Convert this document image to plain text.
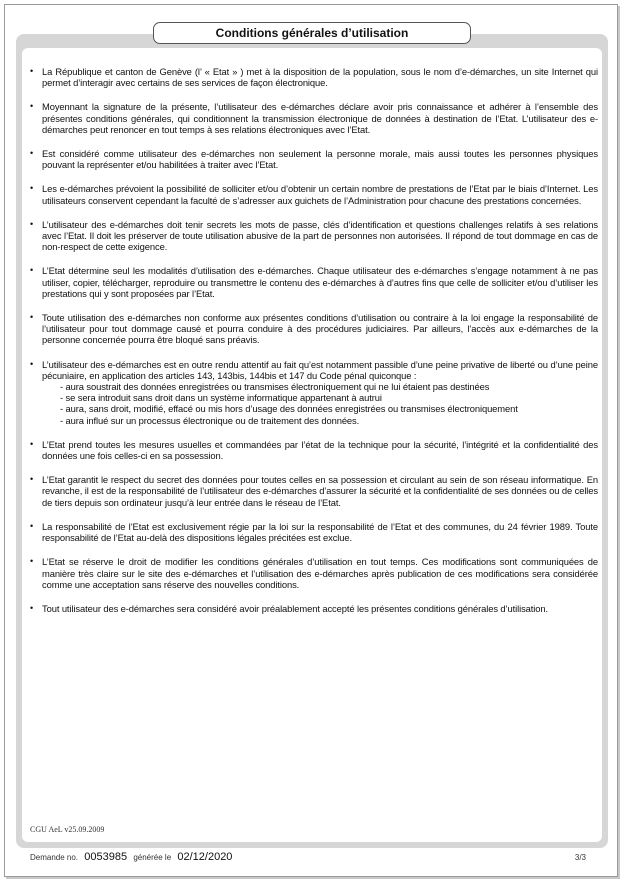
Conditions générales d’utilisation
• La République et canton de Genève (l’ « Etat » ) met à la disposition de la population, sous le nom d’e-démarches, un site Internet qui permet d’interagir avec certains de ses services de façon électronique.
• Moyennant la signature de la présente, l’utilisateur des e-démarches déclare avoir pris connaissance et adhérer à l’ensemble des présentes conditions générales, qui conditionnent la transmission électronique de données à destination de l’Etat. L’utilisateur des e-démarches peut renoncer en tout temps à ses relations électroniques avec l’Etat.
• Est considéré comme utilisateur des e-démarches non seulement la personne morale, mais aussi toutes les personnes physiques pouvant la représenter et/ou habilitées à traiter avec l’Etat.
• Les e-démarches prévoient la possibilité de solliciter et/ou d’obtenir un certain nombre de prestations de l’Etat par le biais d’Internet. Les utilisateurs conservent cependant la faculté de s’adresser aux guichets de l’Administration pour chacune des prestations concernées.
• L’utilisateur des e-démarches doit tenir secrets les mots de passe, clés d’identification et questions challenges relatifs à ses relations avec l’Etat. Il doit les préserver de toute utilisation abusive de la part de personnes non autorisées. Il répond de tout dommage en cas de non-respect de cette exigence.
• L’Etat détermine seul les modalités d’utilisation des e-démarches. Chaque utilisateur des e-démarches s’engage notamment à ne pas utiliser, copier, télécharger, reproduire ou transmettre le contenu des e-démarches à d’autres fins que celle de solliciter et/ou d’utiliser les prestations qui y sont proposées par l’Etat.
• Toute utilisation des e-démarches non conforme aux présentes conditions d’utilisation ou contraire à la loi engage la responsabilité de l’utilisateur pour tout dommage causé et pourra conduire à des procédures judiciaires. Par ailleurs, l’accès aux e-démarches de la personne concernée pourra être bloqué sans préavis.
• L’utilisateur des e-démarches est en outre rendu attentif au fait qu’est notamment passible d’une peine privative de liberté ou d’une peine pécuniaire, en application des articles 143, 143bis, 144bis et 147 du Code pénal quiconque :
- aura soustrait des données enregistrées ou transmises électroniquement qui ne lui étaient pas destinées
- se sera introduit sans droit dans un système informatique appartenant à autrui
- aura, sans droit, modifié, effacé ou mis hors d’usage des données enregistrées ou transmises électroniquement
- aura influé sur un processus électronique ou de traitement des données.
• L’Etat prend toutes les mesures usuelles et commandées par l’état de la technique pour la sécurité, l’intégrité et la confidentialité des données une fois celles-ci en sa possession.
• L’Etat garantit le respect du secret des données pour toutes celles en sa possession et circulant au sein de son réseau informatique. En revanche, il est de la responsabilité de l’utilisateur des e-démarches d’assurer la sécurité et la confidentialité de ses données ou de celles de tiers depuis son ordinateur jusqu’à leur entrée dans le réseau de l’Etat.
• La responsabilité de l’Etat est exclusivement régie par la loi sur la responsabilité de l’Etat et des communes, du 24 février 1989. Toute responsabilité de l’Etat au-delà des dispositions légales précitées est exclue.
• L’Etat se réserve le droit de modifier les conditions générales d’utilisation en tout temps. Ces modifications sont communiquées de manière très claire sur le site des e-démarches et l’utilisation des e-démarches après publication de ces modifications sera considérée comme une acceptation sans réserve des nouvelles conditions.
• Tout utilisateur des e-démarches sera considéré avoir préalablement accepté les présentes conditions générales d’utilisation.
CGU AeL v25.09.2009
Demande no. 0053985 générée le 02/12/2020	3/3
